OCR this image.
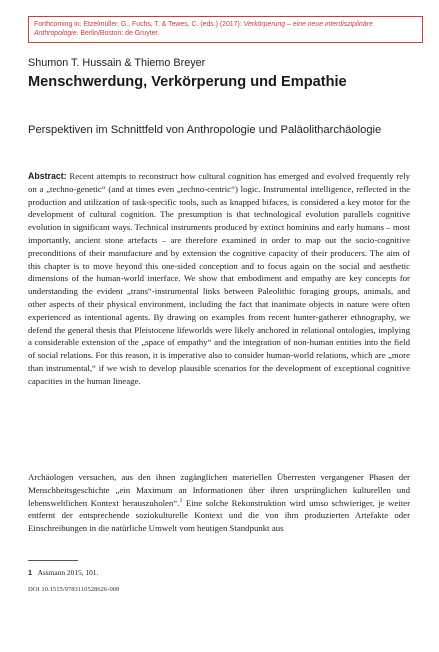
Forthcoming in: Etzelmüller, G., Fuchs, T. & Tewes, C. (eds.) (2017): Verkörperung – eine neue interdisziplinäre Anthropologie. Berlin/Boston: de Gruyter.
Shumon T. Hussain & Thiemo Breyer
Menschwerdung, Verkörperung und Empathie
Perspektiven im Schnittfeld von Anthropologie und Paläolitharchäologie
Abstract: Recent attempts to reconstruct how cultural cognition has emerged and evolved frequently rely on a „techno-genetic“ (and at times even „techno-centric“) logic. Instrumental intelligence, reflected in the production and utilization of task-specific tools, such as knapped bifaces, is considered a key motor for the development of cultural cognition. The presumption is that technological evolution parallels cognitive evolution in significant ways. Technical instruments produced by extinct hominins and early humans – most importantly, ancient stone artefacts – are therefore examined in order to map out the socio-cognitive preconditions of their manufacture and by extension the cognitive capacity of their producers. The aim of this chapter is to move beyond this one-sided conception and to focus again on the social and aesthetic dimensions of the human-world interface. We show that embodiment and empathy are key concepts for understanding the evident „trans“-instrumental links between Paleolithic foraging groups, animals, and other aspects of their physical environment, including the fact that inanimate objects in nature were often experienced as intentional agents. By drawing on examples from recent hunter-gatherer ethnography, we defend the general thesis that Pleistocene lifeworlds were likely anchored in relational ontologies, implying a considerable extension of the „space of empathy“ and the integration of non-human entities into the field of social relations. For this reason, it is imperative also to consider human-world relations, which are „more than instrumental,“ if we wish to develop plausible scenarios for the development of exceptional cognitive capacities in the human lineage.
Archäologen versuchen, aus den ihnen zugänglichen materiellen Überresten vergangener Phasen der Menschheitsgeschichte „ein Maximum an Informationen über ihren ursprünglichen kulturellen und lebensweltlichen Kontext herauszuholen“.$^1$ Eine solche Rekonstruktion wird umso schwieriger, je weiter entfernt der entsprechende soziokulturelle Kontext und die von ihm produzierten Artefakte oder Einschreibungen in die natürliche Umwelt vom heutigen Standpunkt aus
1 Assmann 2015, 101.
DOI 10.1515/9783110528626-009
